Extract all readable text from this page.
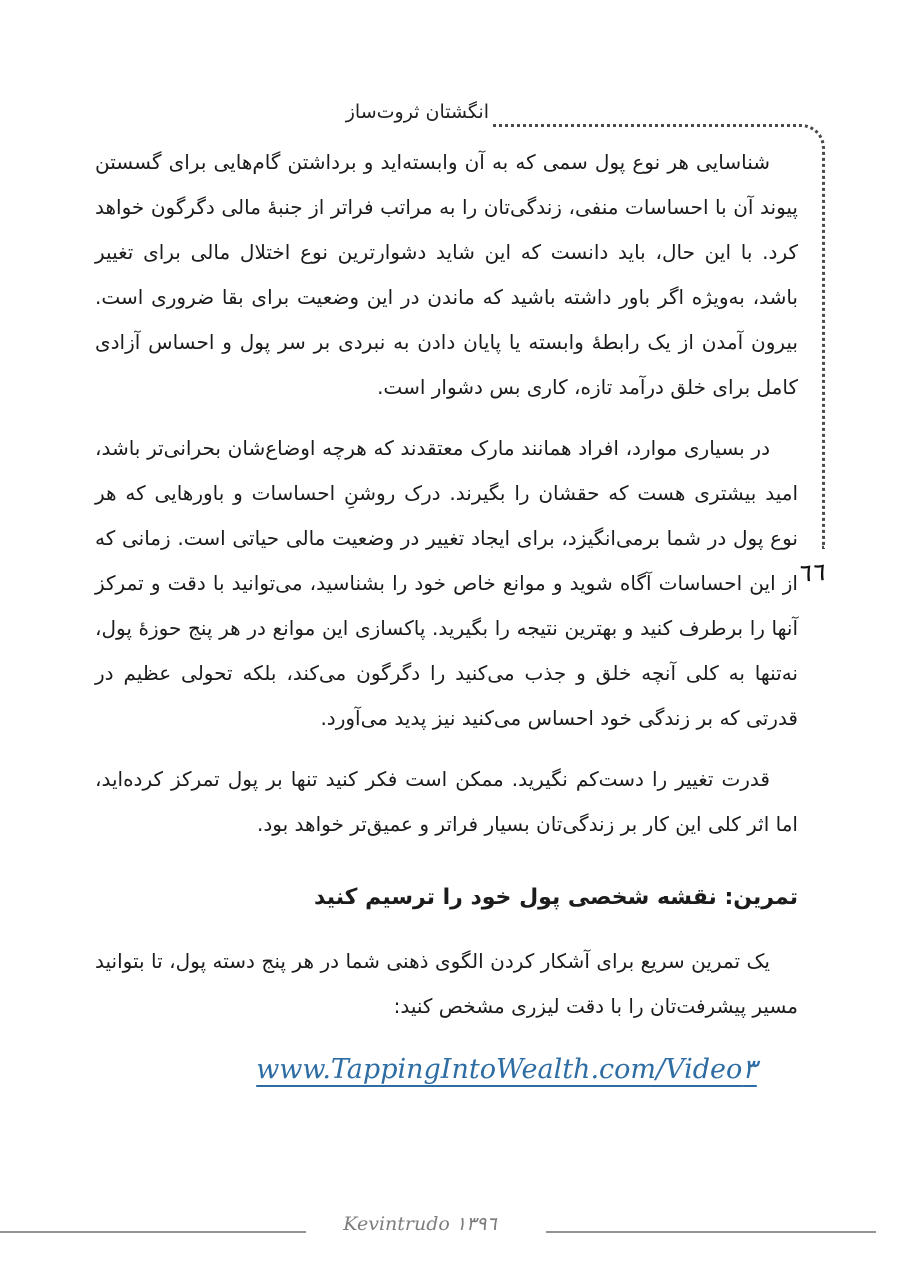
انگشتان ثروت‌ساز
٦٦

شناسایی هر نوع پول سمی که به آن وابسته‌اید و برداشتن گام‌هایی برای گسستن پیوند آن با احساسات منفی، زندگی‌تان را به مراتب فراتر از جنبهٔ مالی دگرگون خواهد کرد. با این حال، باید دانست که این شاید دشوارترین نوع اختلال مالی برای تغییر باشد، به‌ویژه اگر باور داشته باشید که ماندن در این وضعیت برای بقا ضروری است. بیرون آمدن از یک رابطهٔ وابسته یا پایان دادن به نبردی بر سر پول و احساس آزادی کامل برای خلق درآمد تازه، کاری بس دشوار است.

در بسیاری موارد، افراد همانند مارک معتقدند که هرچه اوضاع‌شان بحرانی‌تر باشد، امید بیشتری هست که حقشان را بگیرند. درک روشنِ احساسات و باورهایی که هر نوع پول در شما برمی‌انگیزد، برای ایجاد تغییر در وضعیت مالی حیاتی است. زمانی که از این احساسات آگاه شوید و موانع خاص خود را بشناسید، می‌توانید با دقت و تمرکز آنها را برطرف کنید و بهترین نتیجه را بگیرید. پاکسازی این موانع در هر پنج حوزهٔ پول، نه‌تنها به کلی آنچه خلق و جذب می‌کنید را دگرگون می‌کند، بلکه تحولی عظیم در قدرتی که بر زندگی خود احساس می‌کنید نیز پدید می‌آورد.

قدرت تغییر را دست‌کم نگیرید. ممکن است فکر کنید تنها بر پول تمرکز کرده‌اید، اما اثر کلی این کار بر زندگی‌تان بسیار فراتر و عمیق‌تر خواهد بود.

تمرین: نقشه شخصی پول خود را ترسیم کنید

یک تمرین سریع برای آشکار کردن الگوی ذهنی شما در هر پنج دسته پول، تا بتوانید مسیر پیشرفت‌تان را با دقت لیزری مشخص کنید:

www.TappingIntoWealth.com/Video٣
Kevintrudo ١٣٩٦
